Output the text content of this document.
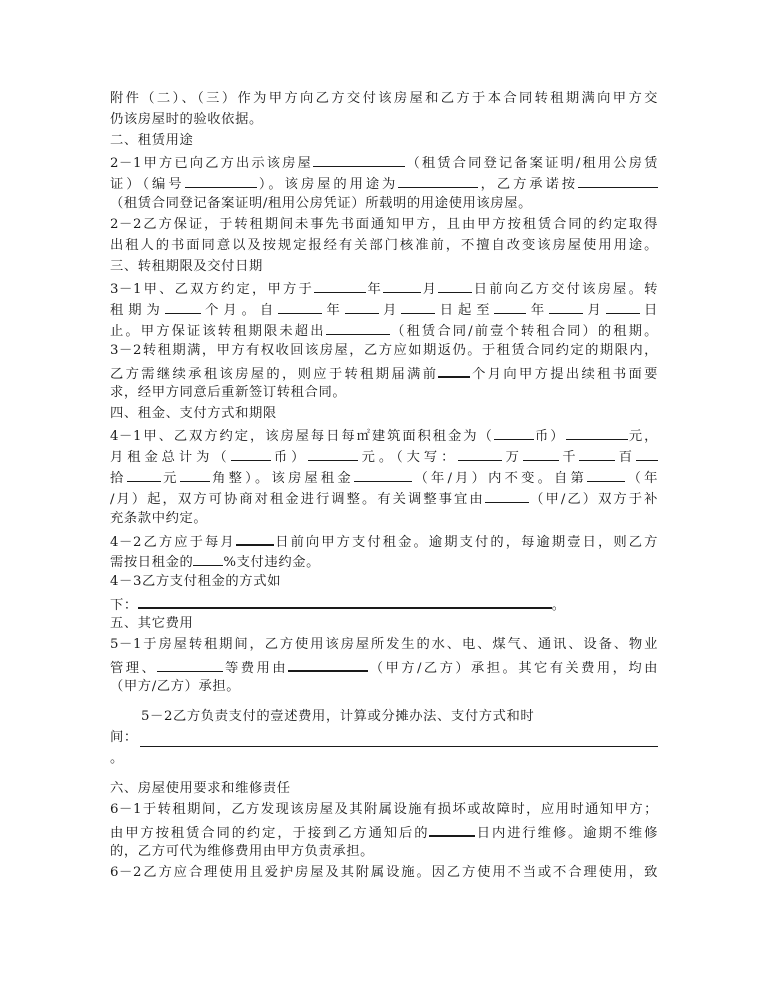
附件（二）、（三）作为甲方向乙方交付该房屋和乙方于本合同转租期满向甲方交
仍该房屋时的验收依据。
二、租赁用途
2－1甲方已向乙方出示该房屋	（租赁合同登记备案证明/租用公房赁
证）（编号	）。该房屋的用途为	，乙方承诺按
（租赁合同登记备案证明/租用公房凭证）所载明的用途使用该房屋。
2－2乙方保证，于转租期间未事先书面通知甲方，且由甲方按租赁合同的约定取得
出租人的书面同意以及按规定报经有关部门核准前，不擅自改变该房屋使用用途。
三、转租期限及交付日期
3－1甲、乙双方约定，甲方于	年	月	日前向乙方交付该房屋。转
租期为	个月。自	年	月	日起至 年	月	日
止。甲方保证该转租期限未超出	（租赁合同/前壹个转租合同）的租期。
3－2转租期满，甲方有权收回该房屋，乙方应如期返仍。于租赁合同约定的期限内，
乙方需继续承租该房屋的，则应于转租期届满前 个月向甲方提出续租书面要
求，经甲方同意后重新签订转租合同。
四、租金、支付方式和期限
4－1甲、乙双方约定，该房屋每日每㎡建筑面积租金为（	币）	元，
月租金总计为（	币）	元。（大写：	万	千	百
拾	元 角整）。该房屋租金	（年/月）内不变。自第	（年
/月）起，双方可协商对租金进行调整。有关调整事宜由	（甲/乙）双方于补
充条款中约定。
4－2乙方应于每月	日前向甲方支付租金。逾期支付的，每逾期壹日，则乙方
需按日租金的 %支付违约金。
4－3乙方支付租金的方式如
下：	。
五、其它费用
5－1于房屋转租期间，乙方使用该房屋所发生的水、电、煤气、通讯、设备、物业
管理、	等费用由	（甲方/乙方）承担。其它有关费用，均由
（甲方/乙方）承担。
5－2乙方负责支付的壹述费用，计算或分摊办法、支付方式和时
间：
。
六、房屋使用要求和维修责任
6－1于转租期间，乙方发现该房屋及其附属设施有损坏或故障时，应用时通知甲方；
由甲方按租赁合同的约定，于接到乙方通知后的	日内进行维修。逾期不维修
的，乙方可代为维修费用由甲方负责承担。
6－2乙方应合理使用且爱护房屋及其附属设施。因乙方使用不当或不合理使用，致
